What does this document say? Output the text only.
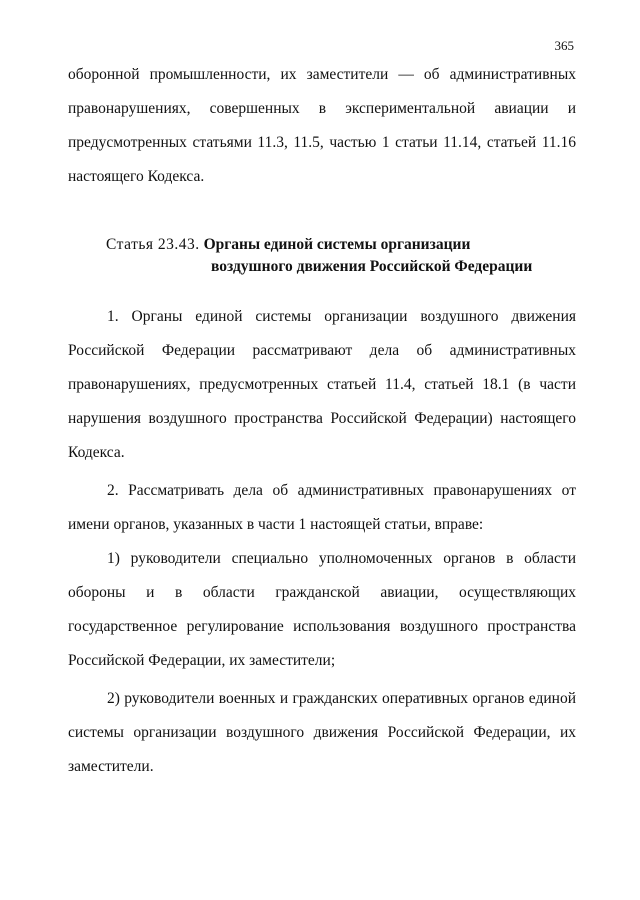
365

оборонной промышленности, их заместители — об административных правонарушениях, совершенных в экспериментальной авиации и предусмотренных статьями 11.3, 11.5, частью 1 статьи 11.14, статьей 11.16 настоящего Кодекса.

Статья 23.43. Органы единой системы организации
воздушного движения Российской Федерации

1. Органы единой системы организации воздушного движения Российской Федерации рассматривают дела об административных правонарушениях, предусмотренных статьей 11.4, статьей 18.1 (в части нарушения воздушного пространства Российской Федерации) настоящего Кодекса.

2. Рассматривать дела об административных правонарушениях от имени органов, указанных в части 1 настоящей статьи, вправе:

1) руководители специально уполномоченных органов в области обороны и в области гражданской авиации, осуществляющих государственное регулирование использования воздушного пространства Российской Федерации, их заместители;

2) руководители военных и гражданских оперативных органов единой системы организации воздушного движения Российской Федерации, их заместители.
